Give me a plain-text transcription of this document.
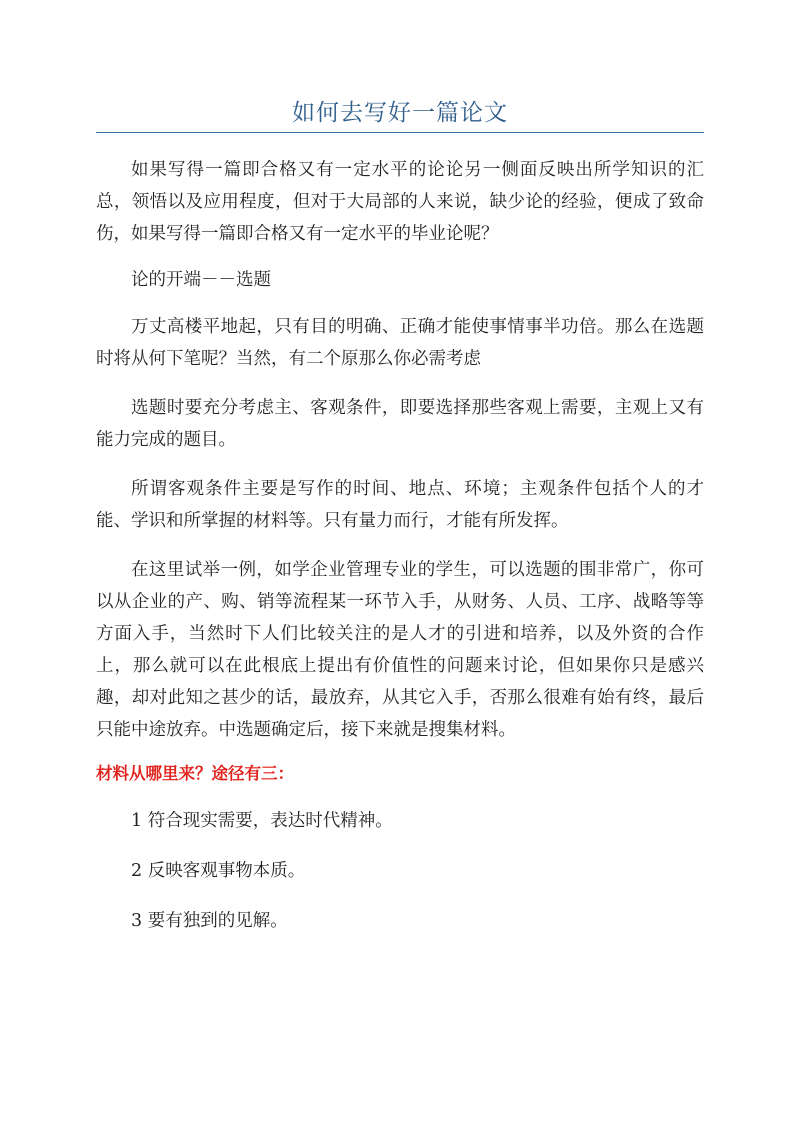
如何去写好一篇论文

如果写得一篇即合格又有一定水平的论论另一侧面反映出所学知识的汇总，领悟以及应用程度，但对于大局部的人来说，缺少论的经验，便成了致命伤，如果写得一篇即合格又有一定水平的毕业论呢？

论的开端－－选题

万丈高楼平地起，只有目的明确、正确才能使事情事半功倍。那么在选题时将从何下笔呢？当然，有二个原那么你必需考虑

选题时要充分考虑主、客观条件，即要选择那些客观上需要，主观上又有能力完成的题目。

所谓客观条件主要是写作的时间、地点、环境；主观条件包括个人的才能、学识和所掌握的材料等。只有量力而行，才能有所发挥。

在这里试举一例，如学企业管理专业的学生，可以选题的围非常广，你可以从企业的产、购、销等流程某一环节入手，从财务、人员、工序、战略等等方面入手，当然时下人们比较关注的是人才的引进和培养，以及外资的合作上，那么就可以在此根底上提出有价值性的问题来讨论，但如果你只是感兴趣，却对此知之甚少的话，最放弃，从其它入手，否那么很难有始有终，最后只能中途放弃。中选题确定后，接下来就是搜集材料。

材料从哪里来？途径有三：

1 符合现实需要，表达时代精神。

2 反映客观事物本质。

3 要有独到的见解。
